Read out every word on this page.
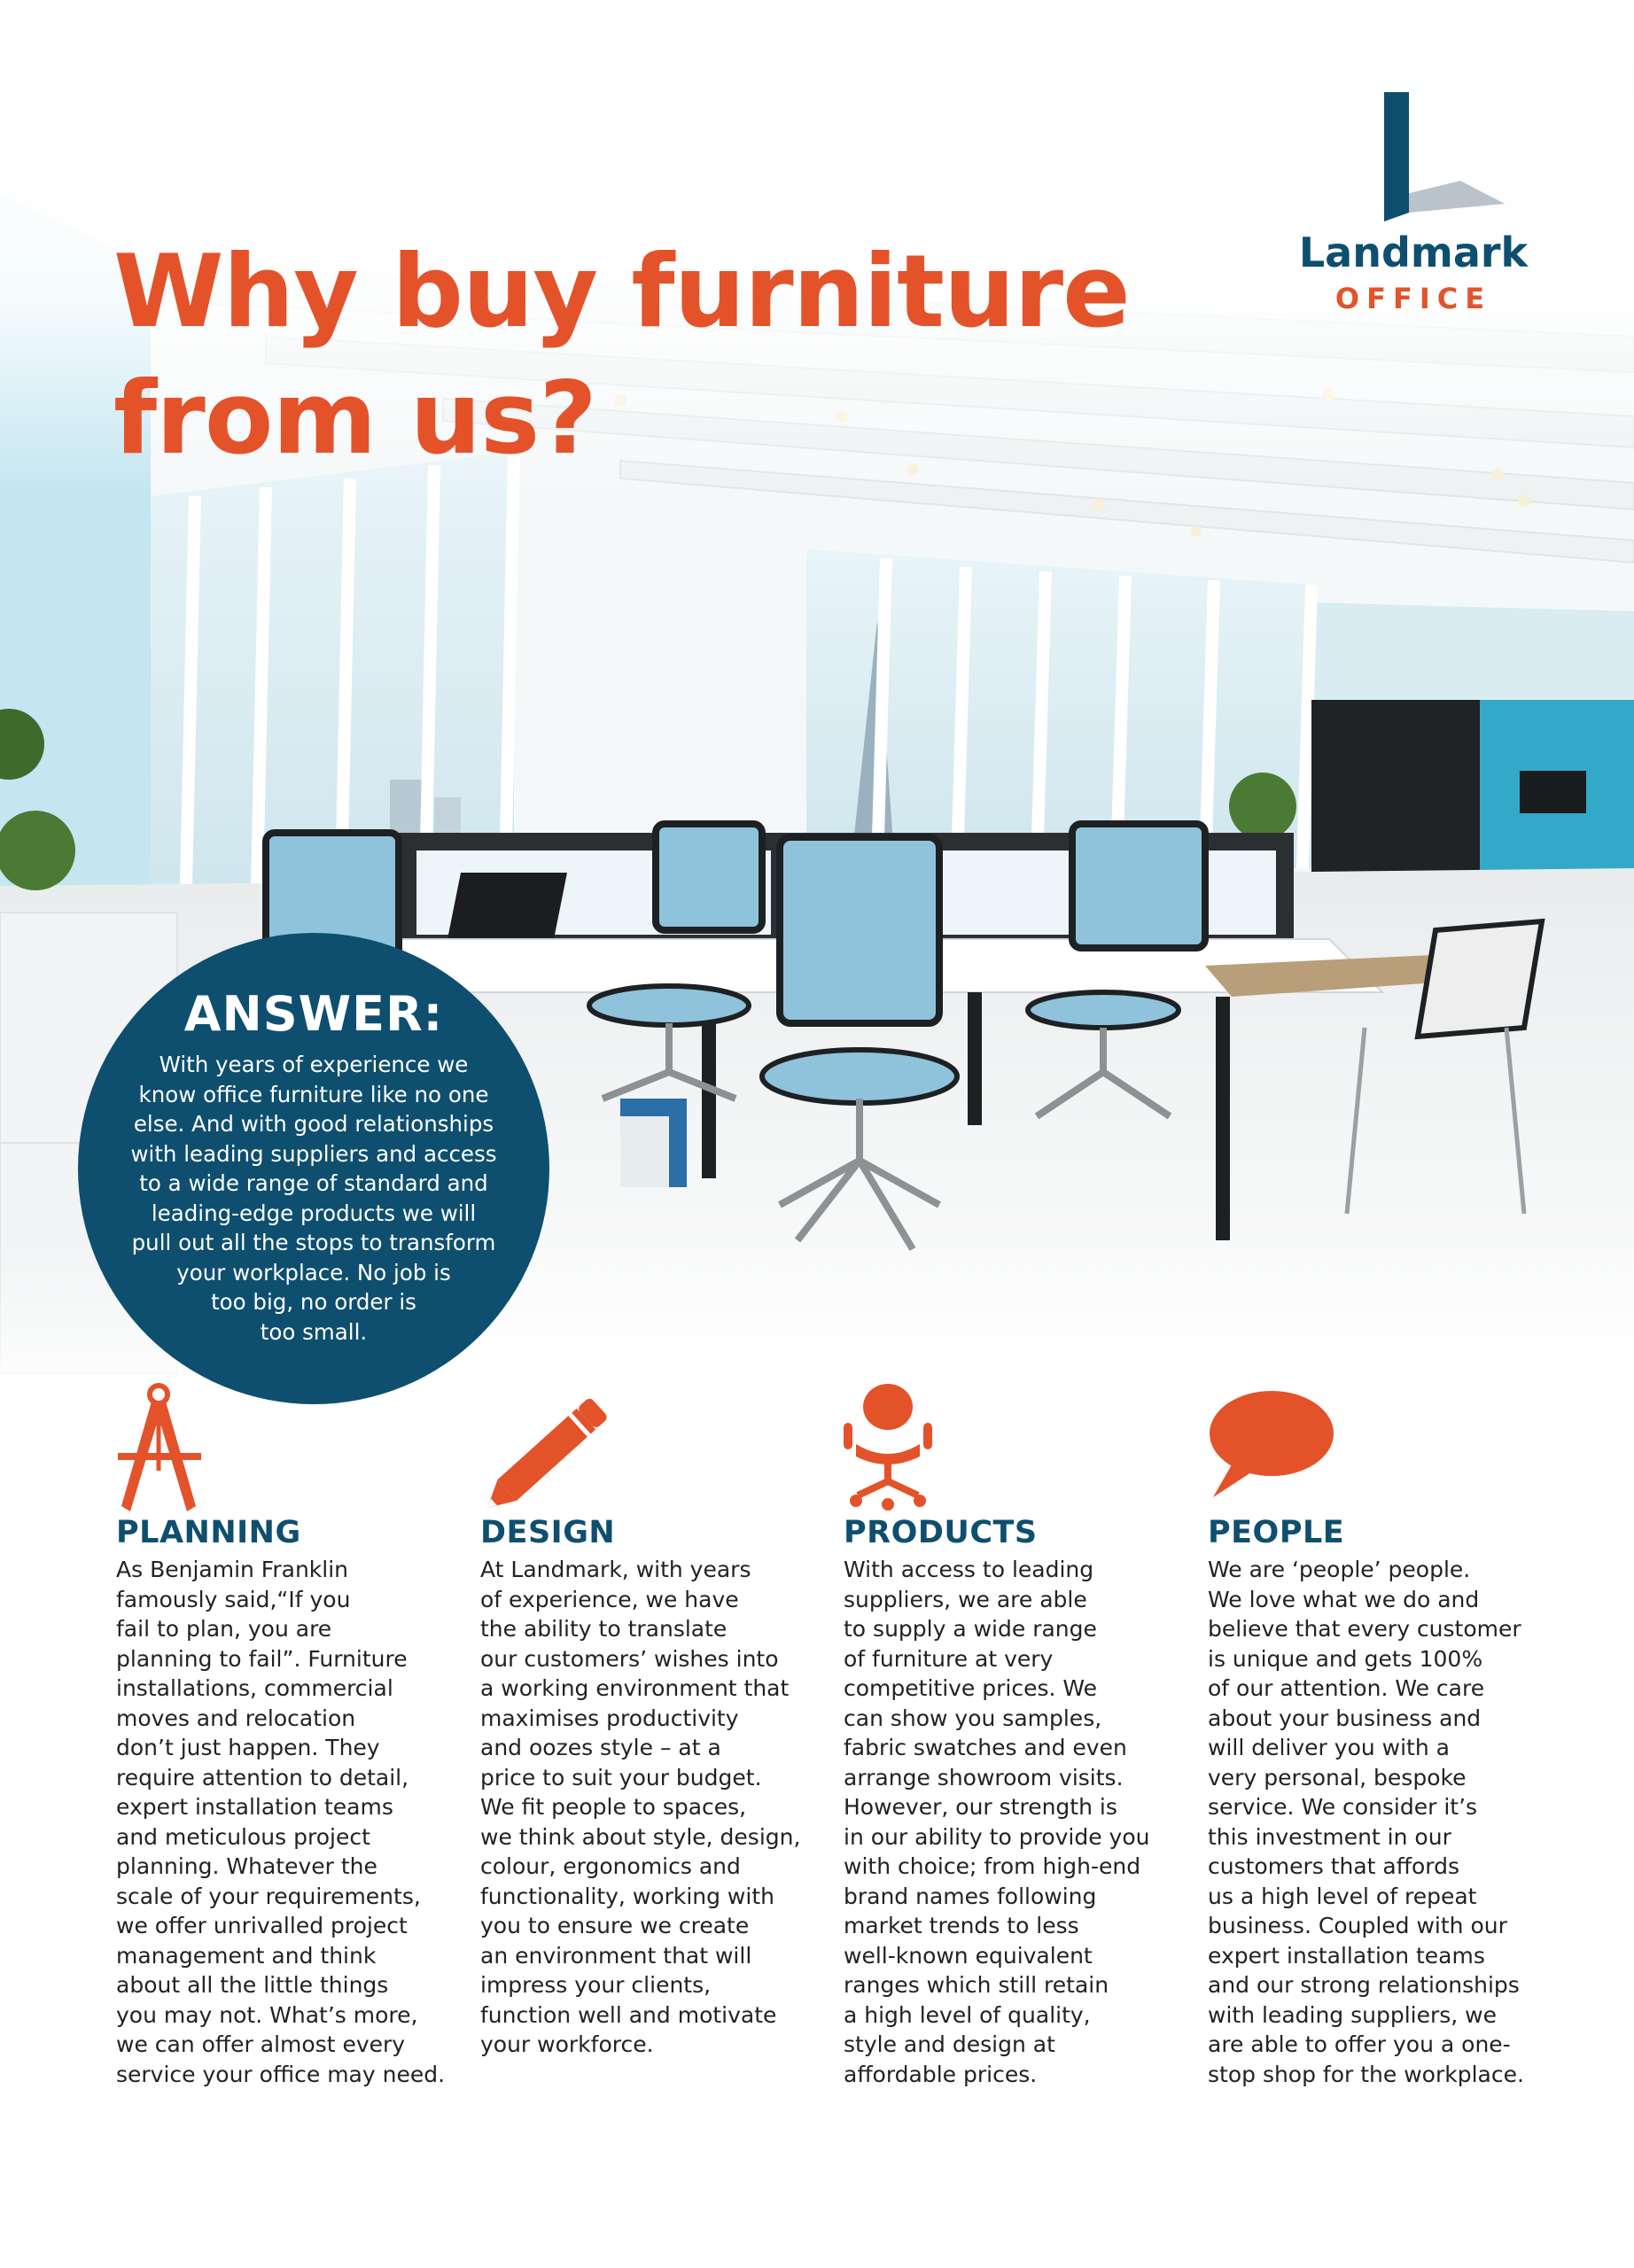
Why buy furniture
from us?
Landmark
OFFICE
ANSWER:
With years of experience we
know office furniture like no one
else. And with good relationships
with leading suppliers and access
to a wide range of standard and
leading-edge products we will
pull out all the stops to transform
your workplace. No job is
too big, no order is
too small.
PLANNING

As Benjamin Franklin
famously said,“If you
fail to plan, you are
planning to fail”. Furniture
installations, commercial
moves and relocation
don’t just happen. They
require attention to detail,
expert installation teams
and meticulous project
planning. Whatever the
scale of your requirements,
we offer unrivalled project
management and think
about all the little things
you may not. What’s more,
we can offer almost every
service your office may need.

DESIGN

At Landmark, with years
of experience, we have
the ability to translate
our customers’ wishes into
a working environment that
maximises productivity
and oozes style – at a
price to suit your budget.
We fit people to spaces,
we think about style, design,
colour, ergonomics and
functionality, working with
you to ensure we create
an environment that will
impress your clients,
function well and motivate
your workforce.

PRODUCTS

With access to leading
suppliers, we are able
to supply a wide range
of furniture at very
competitive prices. We
can show you samples,
fabric swatches and even
arrange showroom visits.
However, our strength is
in our ability to provide you
with choice; from high-end
brand names following
market trends to less
well-known equivalent
ranges which still retain
a high level of quality,
style and design at
affordable prices.

PEOPLE

We are ‘people’ people.
We love what we do and
believe that every customer
is unique and gets 100%
of our attention. We care
about your business and
will deliver you with a
very personal, bespoke
service. We consider it’s
this investment in our
customers that affords
us a high level of repeat
business. Coupled with our
expert installation teams
and our strong relationships
with leading suppliers, we
are able to offer you a one-
stop shop for the workplace.
